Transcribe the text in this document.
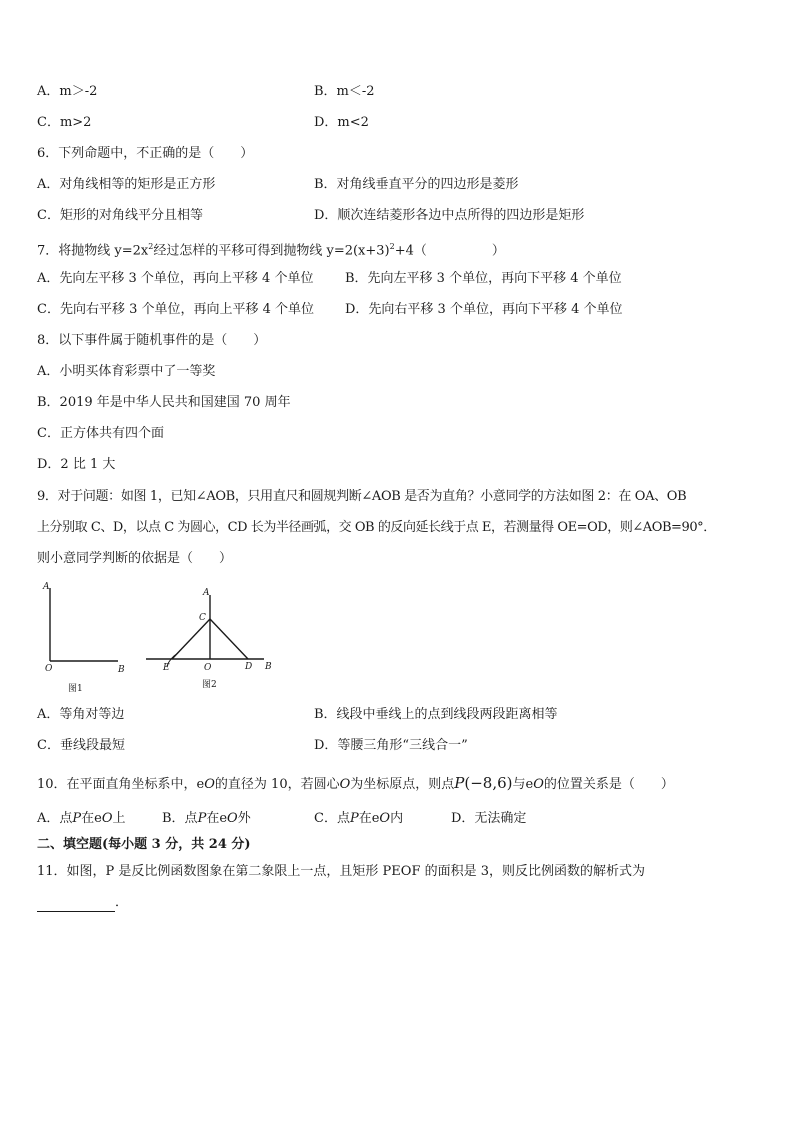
A．m＞-2	B．m＜-2
C．m>2	D．m<2
6．下列命题中，不正确的是（　　）
A．对角线相等的矩形是正方形	B．对角线垂直平分的四边形是菱形
C．矩形的对角线平分且相等	D．顺次连结菱形各边中点所得的四边形是矩形
7．将抛物线 $y=2x^2$经过怎样的平移可得到抛物线 $y=2(x+3)^2+4$（　　　　　）
A．先向左平移 3 个单位，再向上平移 4 个单位 B．先向左平移 3 个单位，再向下平移 4 个单位
C．先向右平移 3 个单位，再向上平移 4 个单位 D．先向右平移 3 个单位，再向下平移 4 个单位
8．以下事件属于随机事件的是（　　）
A．小明买体育彩票中了一等奖
B．2019 年是中华人民共和国建国 70 周年
C．正方体共有四个面
D．2 比 1 大
9．对于问题：如图 1，已知∠AOB，只用直尺和圆规判断∠AOB 是否为直角？小意同学的方法如图 2：在 OA、OB
上分别取 C、D，以点 C 为圆心，CD 长为半径画弧，交 OB 的反向延长线于点 E，若测量得 OE=OD，则∠AOB=90°．
则小意同学判断的依据是（　　）
A
O	B
图1
A
C
E	O	D B
图2
A．等角对等边	B．线段中垂线上的点到线段两段距离相等
C．垂线段最短	D．等腰三角形“三线合一”
10．在平面直角坐标系中，eO的直径为 10，若圆心O为坐标原点，则点P(−8,6)与eO的位置关系是（　　）
A．点P在eO上	B．点P在eO外	C．点P在eO内	D．无法确定
二、填空题(每小题 3 分，共 24 分)
11．如图，P 是反比例函数图象在第二象限上一点，且矩形 PEOF 的面积是 3，则反比例函数的解析式为
．
